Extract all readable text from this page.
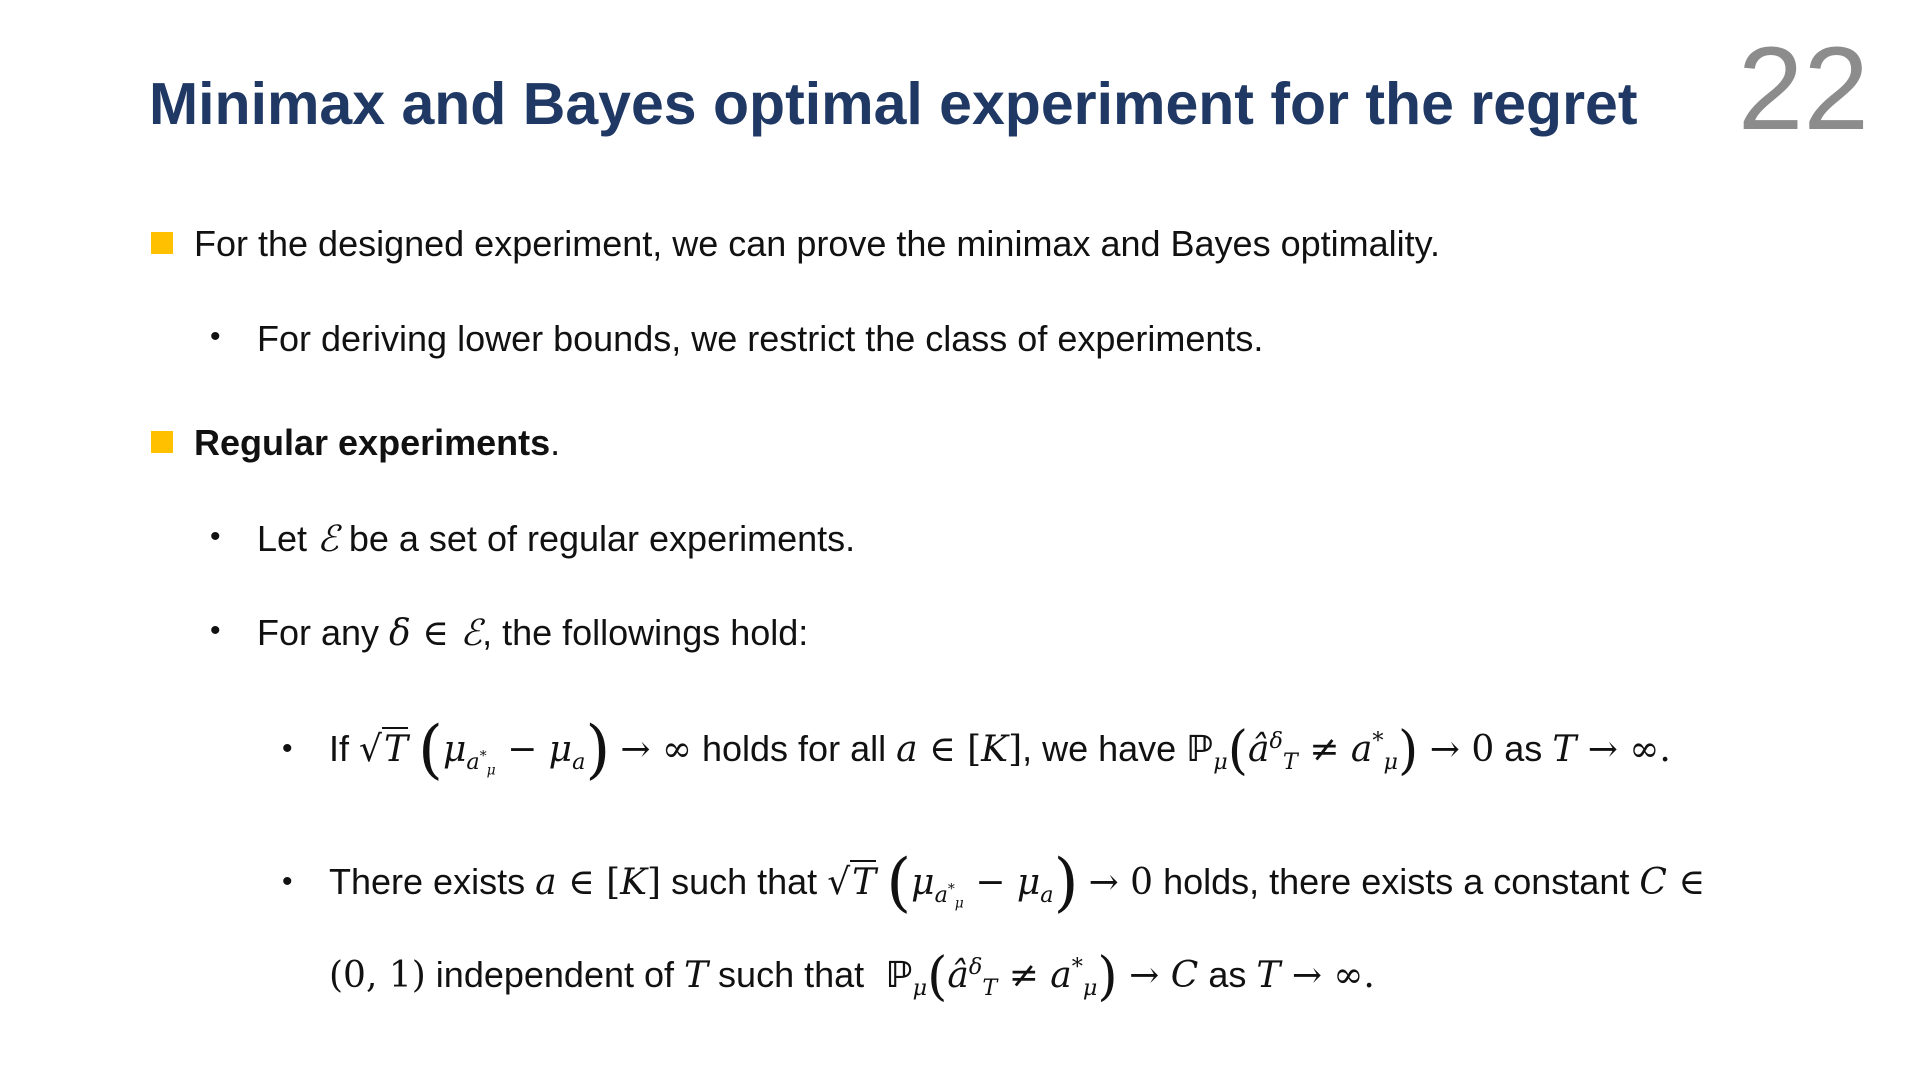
Minimax and Bayes optimal experiment for the regret 22
For the designed experiment, we can prove the minimax and Bayes optimality.
• For deriving lower bounds, we restrict the class of experiments.
Regular experiments.
• Let ℰ be a set of regular experiments.
• For any δ ∈ ℰ, the followings hold:
• If √T $(\mu_{a^*_\mu} - \mu_a)$ → ∞ holds for all a ∈ [K], we have $ℙ_\mu(â^\delta_T \ne a^*_\mu) \to 0$ as T → ∞.
• There exists a ∈ [K] such that √T $(\mu_{a^*_\mu} - \mu_a) \to 0$ holds, there exists a constant C ∈
(0, 1) independent of T such that  $ℙ_\mu(â^\delta_T \ne a^*_\mu) \to C$ as T → ∞.
